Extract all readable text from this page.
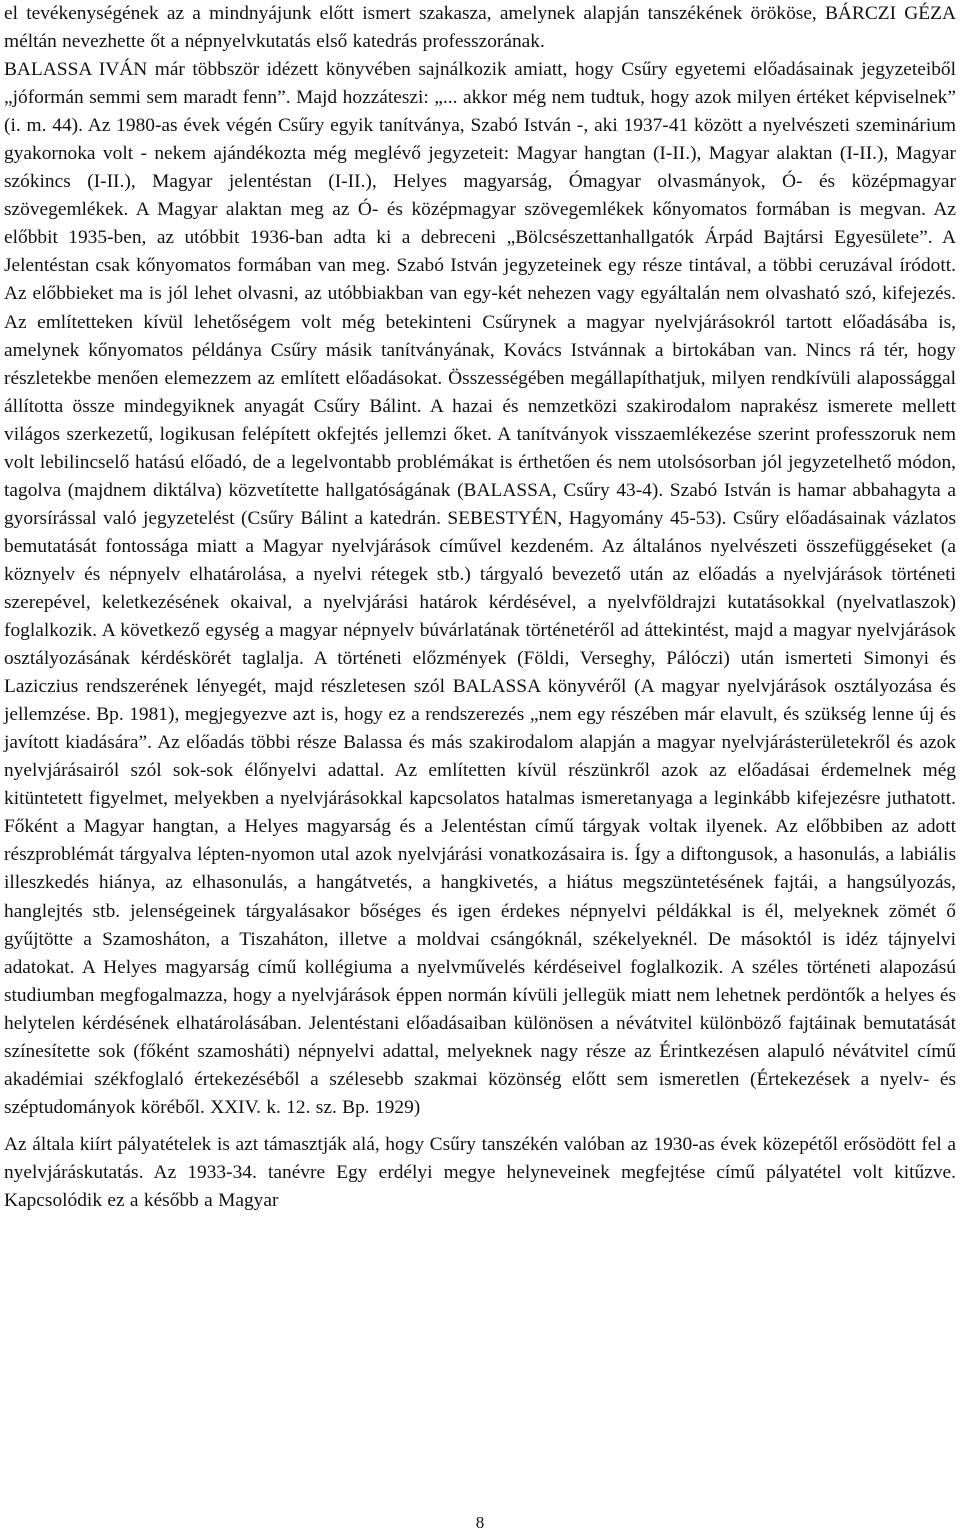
el tevékenységének az a mindnyájunk előtt ismert szakasza, amelynek alapján tanszékének örököse, BÁRCZI GÉZA méltán nevezhette őt a népnyelvkutatás első katedrás professzorának.

BALASSA IVÁN már többször idézett könyvében sajnálkozik amiatt, hogy Csűry egyetemi előadásainak jegyzeteiből „jóformán semmi sem maradt fenn”. Majd hozzáteszi: „... akkor még nem tudtuk, hogy azok milyen értéket képviselnek” (i. m. 44). Az 1980-as évek végén Csűry egyik tanítványa, Szabó István -, aki 1937-41 között a nyelvészeti szeminárium gyakornoka volt - nekem ajándékozta még meglévő jegyzeteit: Magyar hangtan (I-II.), Magyar alaktan (I-II.), Magyar szókincs (I-II.), Magyar jelentéstan (I-II.), Helyes magyarság, Ómagyar olvasmányok, Ó- és középmagyar szövegemlékek. A Magyar alaktan meg az Ó- és középmagyar szövegemlékek kőnyomatos formában is megvan. Az előbbit 1935-ben, az utóbbit 1936-ban adta ki a debreceni „Bölcsészettanhallgatók Árpád Bajtársi Egyesülete”. A Jelentéstan csak kőnyomatos formában van meg. Szabó István jegyzeteinek egy része tintával, a többi ceruzával íródott. Az előbbieket ma is jól lehet olvasni, az utóbbiakban van egy-két nehezen vagy egyáltalán nem olvasható szó, kifejezés. Az említetteken kívül lehetőségem volt még betekinteni Csűrynek a magyar nyelvjárásokról tartott előadásába is, amelynek kőnyomatos példánya Csűry másik tanítványának, Kovács Istvánnak a birtokában van. Nincs rá tér, hogy részletekbe menően elemezzem az említett előadásokat. Összességében megállapíthatjuk, milyen rendkívüli alapossággal állította össze mindegyiknek anyagát Csűry Bálint. A hazai és nemzetközi szakirodalom naprakész ismerete mellett világos szerkezetű, logikusan felépített okfejtés jellemzi őket. A tanítványok visszaemlékezése szerint professzoruk nem volt lebilincselő hatású előadó, de a legelvontabb problémákat is érthetően és nem utolsósorban jól jegyzetelhető módon, tagolva (majdnem diktálva) közvetítette hallgatóságának (BALASSA, Csűry 43-4). Szabó István is hamar abbahagyta a gyorsírással való jegyzetelést (Csűry Bálint a katedrán. SEBESTYÉN, Hagyomány 45-53). Csűry előadásainak vázlatos bemutatását fontossága miatt a Magyar nyelvjárások cíművel kezdeném. Az általános nyelvészeti összefüggéseket (a köznyelv és népnyelv elhatárolása, a nyelvi rétegek stb.) tárgyaló bevezető után az előadás a nyelvjárások történeti szerepével, keletkezésének okaival, a nyelvjárási határok kérdésével, a nyelvföldrajzi kutatásokkal (nyelvatlaszok) foglalkozik. A következő egység a magyar népnyelv búvárlatának történetéről ad áttekintést, majd a magyar nyelvjárások osztályozásának kérdéskörét taglalja. A történeti előzmények (Földi, Verseghy, Pálóczi) után ismerteti Simonyi és Laziczius rendszerének lényegét, majd részletesen szól BALASSA könyvéről (A magyar nyelvjárások osztályozása és jellemzése. Bp. 1981), megjegyezve azt is, hogy ez a rendszerezés „nem egy részében már elavult, és szükség lenne új és javított kiadására”. Az előadás többi része Balassa és más szakirodalom alapján a magyar nyelvjárásterületekről és azok nyelvjárásairól szól sok-sok élőnyelvi adattal. Az említetten kívül részünkről azok az előadásai érdemelnek még kitüntetett figyelmet, melyekben a nyelvjárásokkal kapcsolatos hatalmas ismeretanyaga a leginkább kifejezésre juthatott. Főként a Magyar hangtan, a Helyes magyarság és a Jelentéstan című tárgyak voltak ilyenek. Az előbbiben az adott részproblémát tárgyalva lépten-nyomon utal azok nyelvjárási vonatkozásaira is. Így a diftongusok, a hasonulás, a labiális illeszkedés hiánya, az elhasonulás, a hangátvetés, a hangkivetés, a hiátus megszüntetésének fajtái, a hangsúlyozás, hanglejtés stb. jelenségeinek tárgyalásakor bőséges és igen érdekes népnyelvi példákkal is él, melyeknek zömét ő gyűjtötte a Szamosháton, a Tiszaháton, illetve a moldvai csángóknál, székelyeknél. De másoktól is idéz tájnyelvi adatokat. A Helyes magyarság című kollégiuma a nyelvművelés kérdéseivel foglalkozik. A széles történeti alapozású studiumban megfogalmazza, hogy a nyelvjárások éppen normán kívüli jellegük miatt nem lehetnek perdöntők a helyes és helytelen kérdésének elhatárolásában. Jelentéstani előadásaiban különösen a névátvitel különböző fajtáinak bemutatását színesítette sok (főként szamosháti) népnyelvi adattal, melyeknek nagy része az Érintkezésen alapuló névátvitel című akadémiai székfoglaló értekezéséből a szélesebb szakmai közönség előtt sem ismeretlen (Értekezések a nyelv- és széptudományok köréből. XXIV. k. 12. sz. Bp. 1929)

Az általa kiírt pályatételek is azt támasztják alá, hogy Csűry tanszékén valóban az 1930-as évek közepétől erősödött fel a nyelvjáráskutatás. Az 1933-34. tanévre Egy erdélyi megye helyneveinek megfejtése című pályatétel volt kitűzve. Kapcsolódik ez a később a Magyar

8
